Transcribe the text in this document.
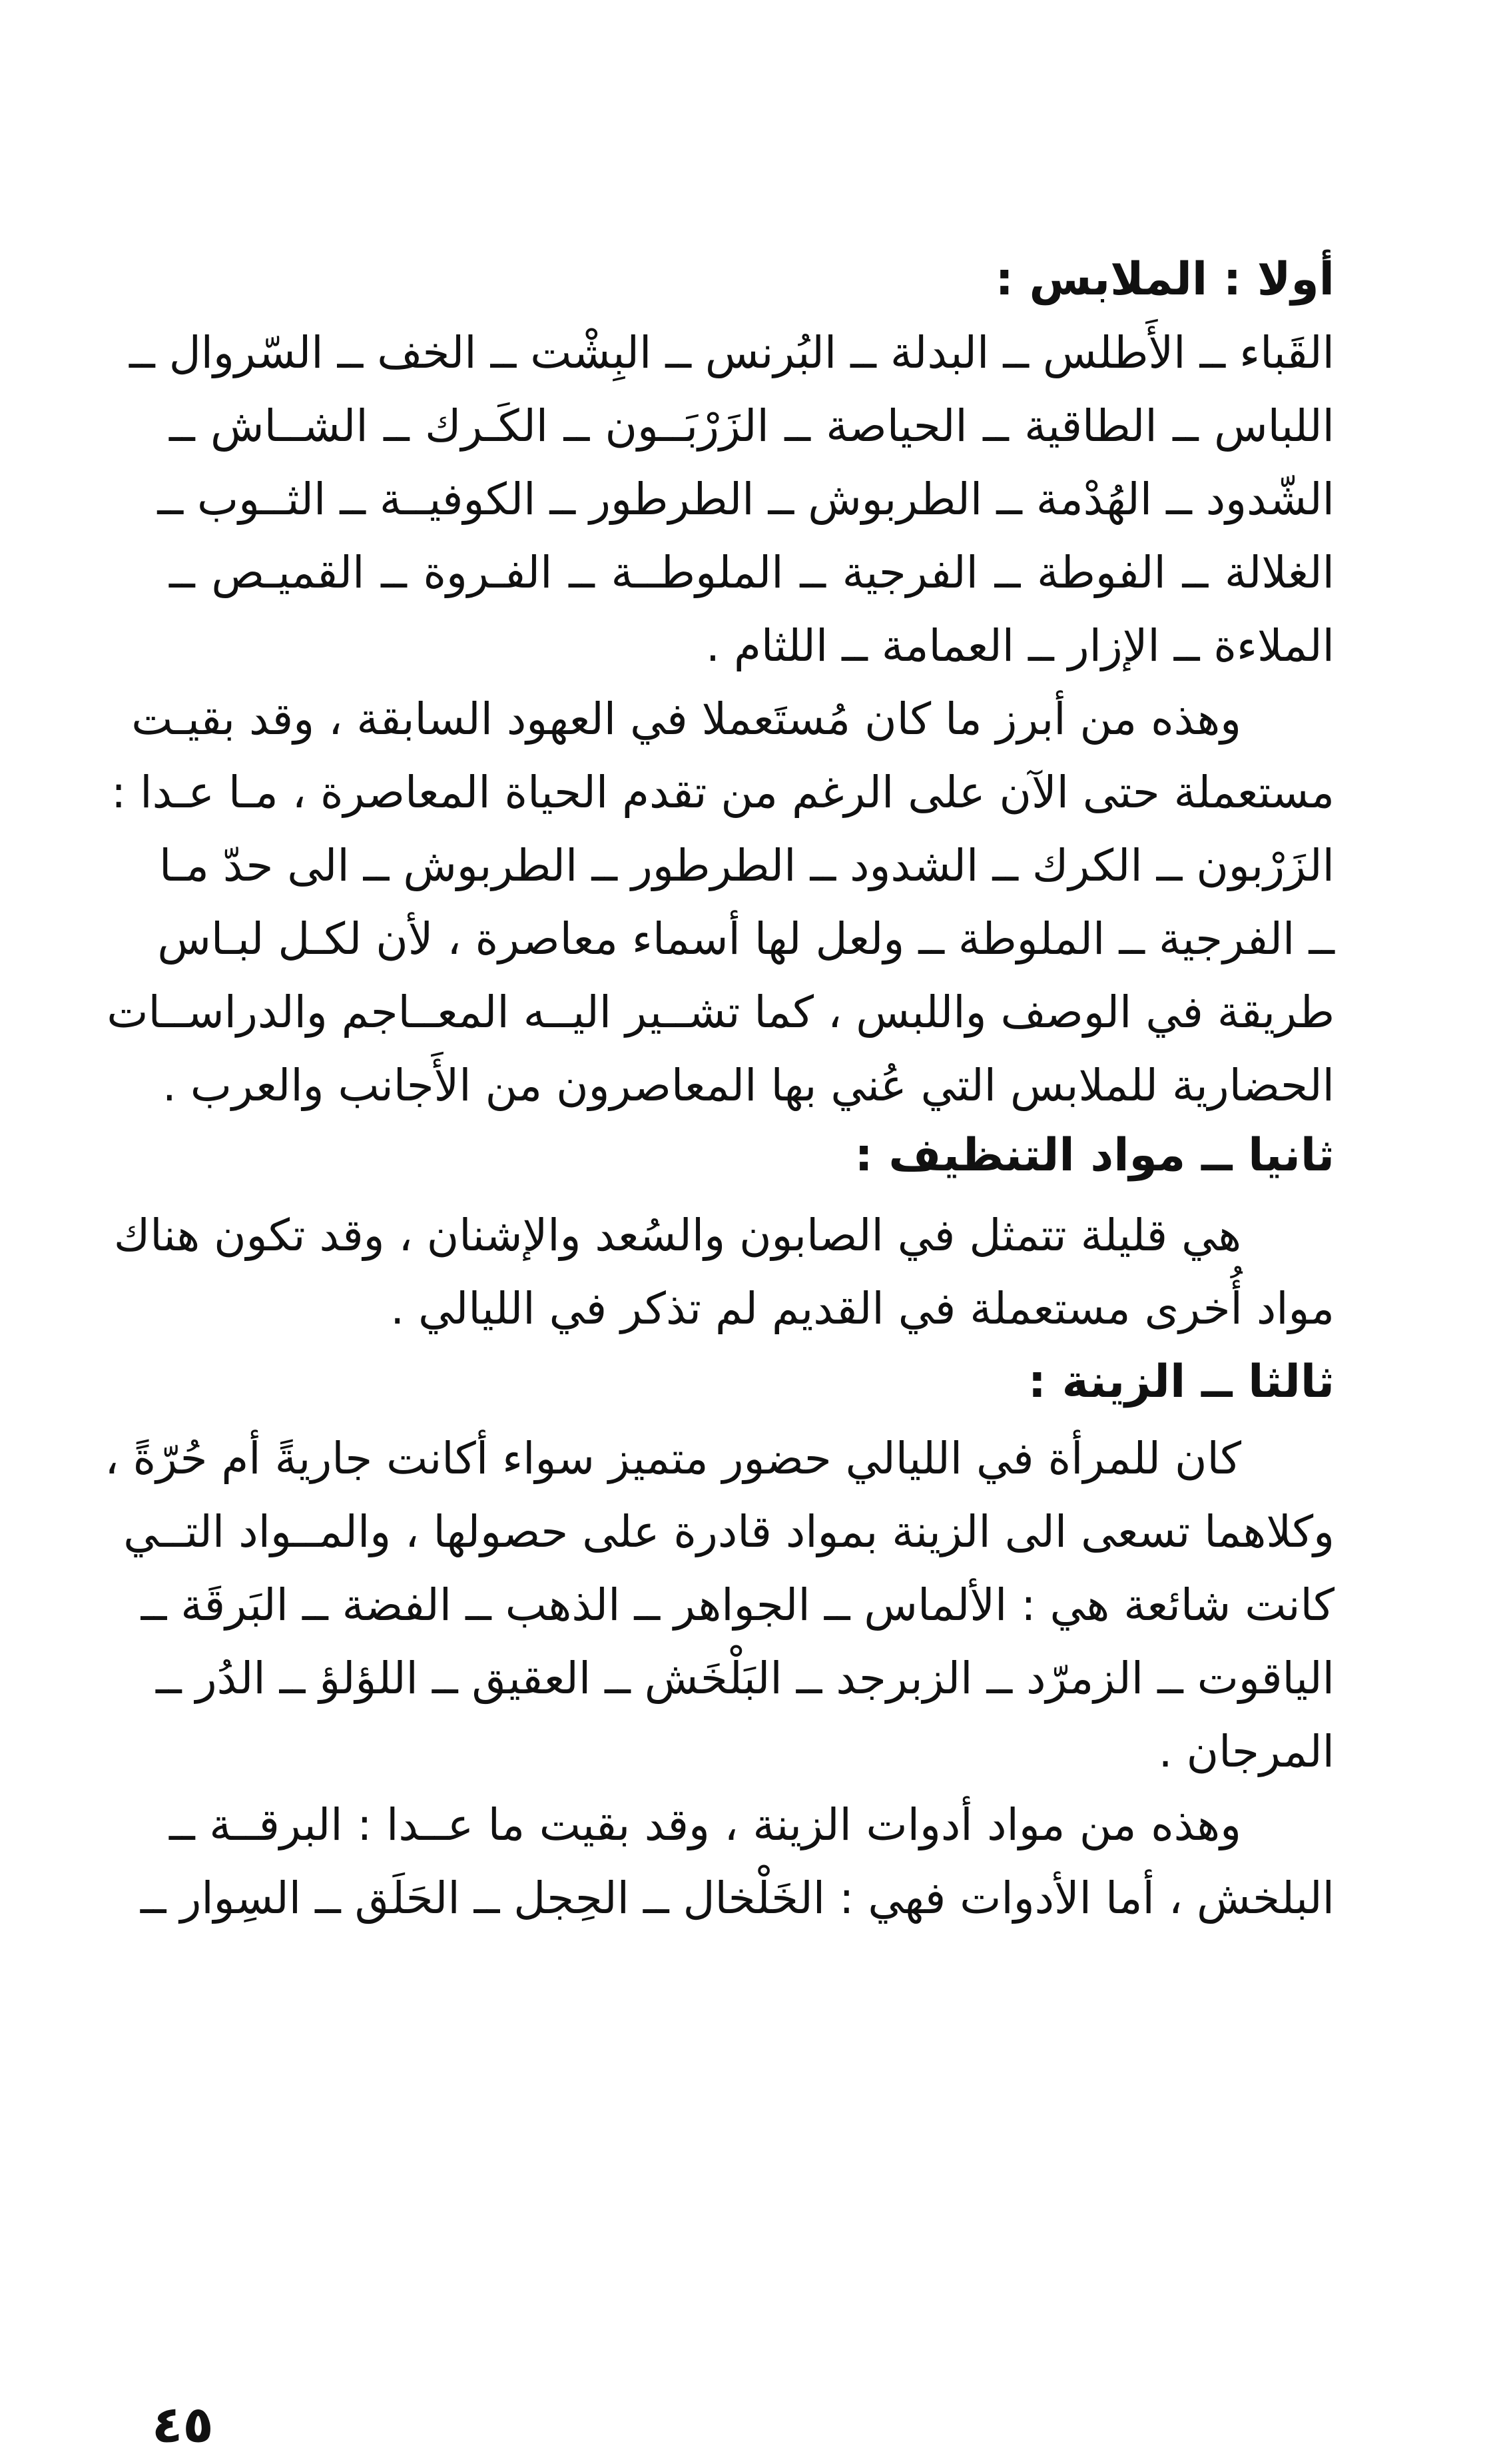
أولا : الملابس :
القَباء ــ الأَطلس ــ البدلة ــ البُرنس ــ البِشْت ــ الخف ــ السّروال ــ
اللباس ــ الطاقية ــ الحياصة ــ الزَرْبَــون ــ الكَـرك ــ الشــاش ــ
الشّدود ــ الهُدْمة ــ الطربوش ــ الطرطور ــ الكوفيــة ــ الثــوب ــ
الغلالة ــ الفوطة ــ الفرجية ــ الملوطــة ــ الفـروة ــ القميـص ــ
الملاءة ــ الإزار ــ العمامة ــ اللثام .
وهذه من أبرز ما كان مُستَعملا في العهود السابقة ، وقد بقيـت
مستعملة حتى الآن على الرغم من تقدم الحياة المعاصرة ، مـا عـدا :
الزَرْبون ــ الكرك ــ الشدود ــ الطرطور ــ الطربوش ــ الى حدّ مـا
ــ الفرجية ــ الملوطة ــ ولعل لها أسماء معاصرة ، لأن لكـل لبـاس
طريقة في الوصف واللبس ، كما تشــير اليــه المعــاجم والدراســات
الحضارية للملابس التي عُني بها المعاصرون من الأَجانب والعرب .
ثانيا ــ مواد التنظيف :
هي قليلة تتمثل في الصابون والسُعد والإشنان ، وقد تكون هناك
مواد أُخرى مستعملة في القديم لم تذكر في الليالي .
ثالثا ــ الزينة :
كان للمرأة في الليالي حضور متميز سواء أكانت جاريةً أم حُرّةً ،
وكلاهما تسعى الى الزينة بمواد قادرة على حصولها ، والمــواد التــي
كانت شائعة هي : الألماس ــ الجواهر ــ الذهب ــ الفضة ــ البَرقَة ــ
الياقوت ــ الزمرّد ــ الزبرجد ــ البَلْخَش ــ العقيق ــ اللؤلؤ ــ الدُر ــ
المرجان .
وهذه من مواد أدوات الزينة ، وقد بقيت ما عــدا : البرقــة ــ
البلخش ، أما الأدوات فهي : الخَلْخال ــ الحِجل ــ الحَلَق ــ السِوار ــ
٤٥
